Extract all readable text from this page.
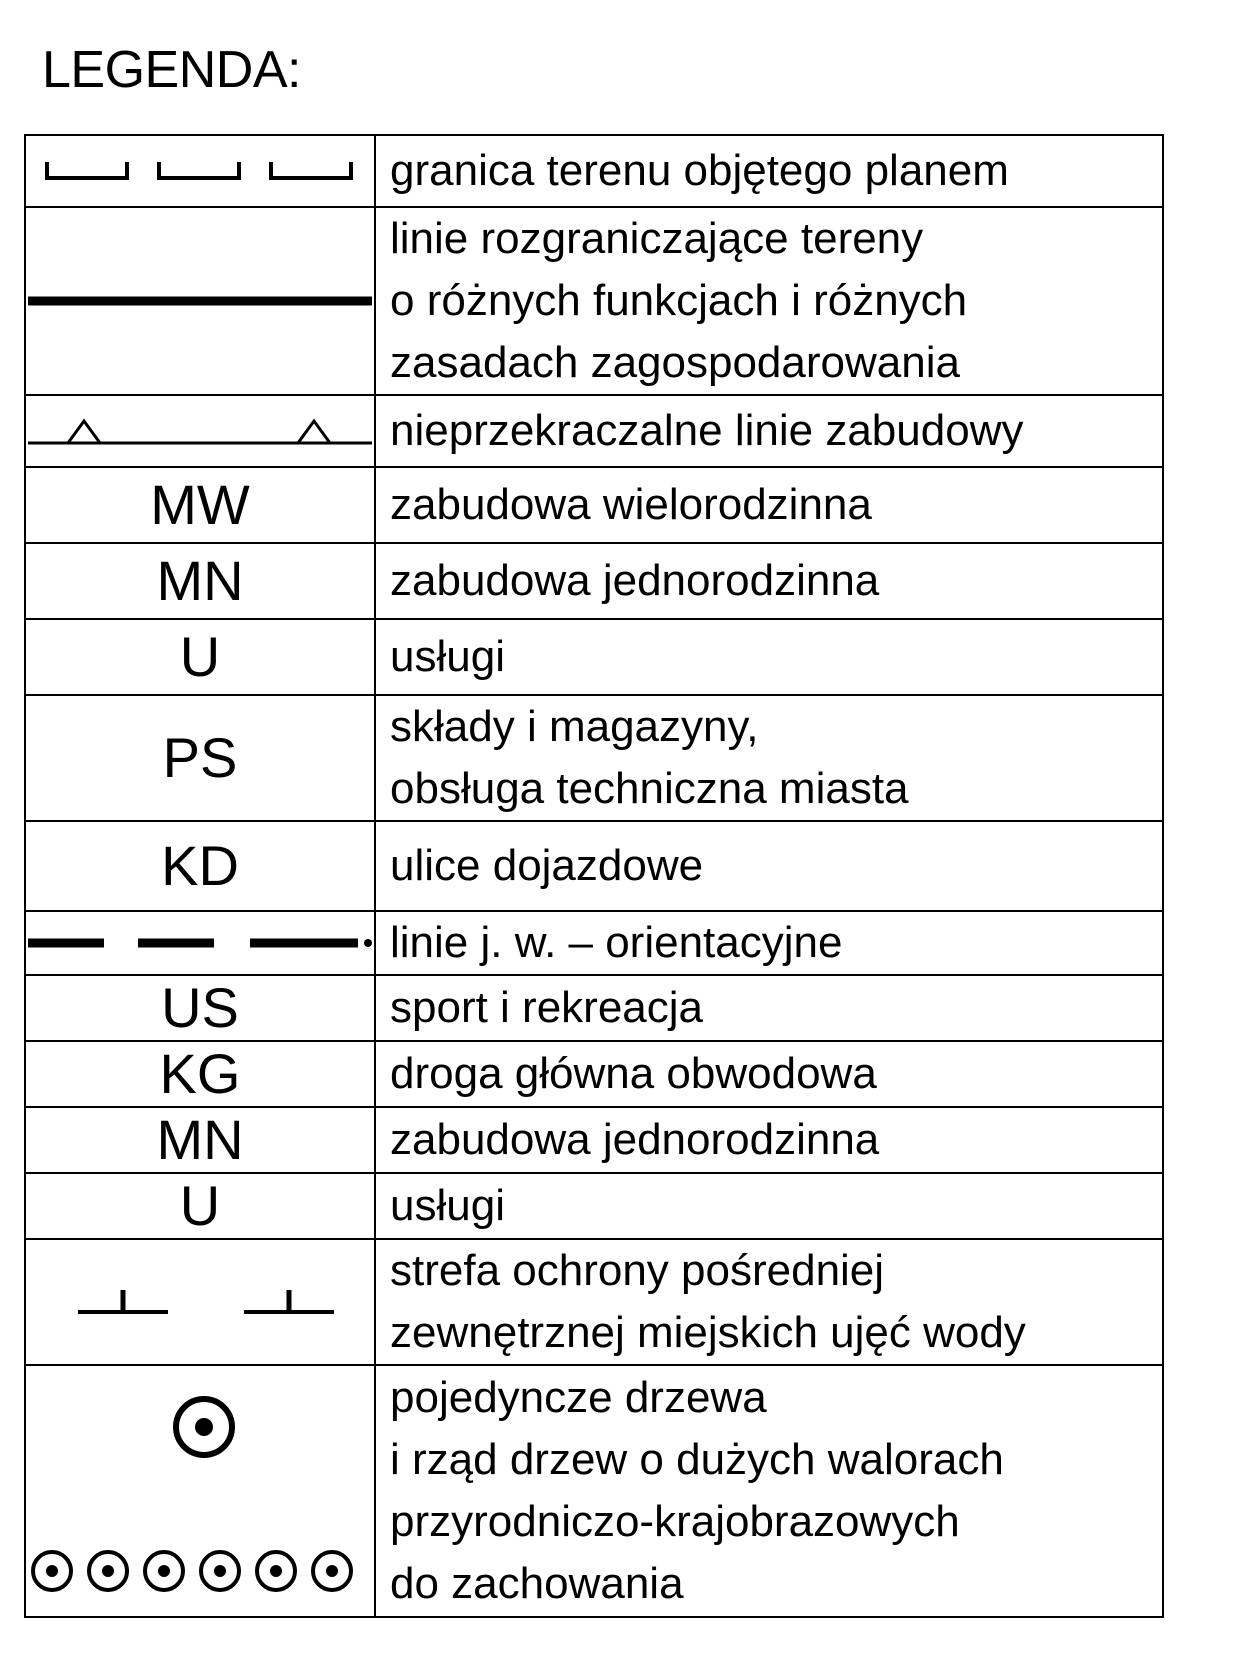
LEGENDA:

granica terenu objętego planem

linie rozgraniczające tereny
o różnych funkcjach i różnych
zasadach zagospodarowania

nieprzekraczalne linie zabudowy

MW	zabudowa wielorodzinna

MN	zabudowa jednorodzinna

U	usługi

PS	składy i magazyny,
obsługa techniczna miasta

KD	ulice dojazdowe

linie j. w. – orientacyjne

US	sport i rekreacja

KG	droga główna obwodowa

MN	zabudowa jednorodzinna

U	usługi

strefa ochrony pośredniej
zewnętrznej miejskich ujęć wody

pojedyncze drzewa
i rząd drzew o dużych walorach
przyrodniczo-krajobrazowych
do zachowania
